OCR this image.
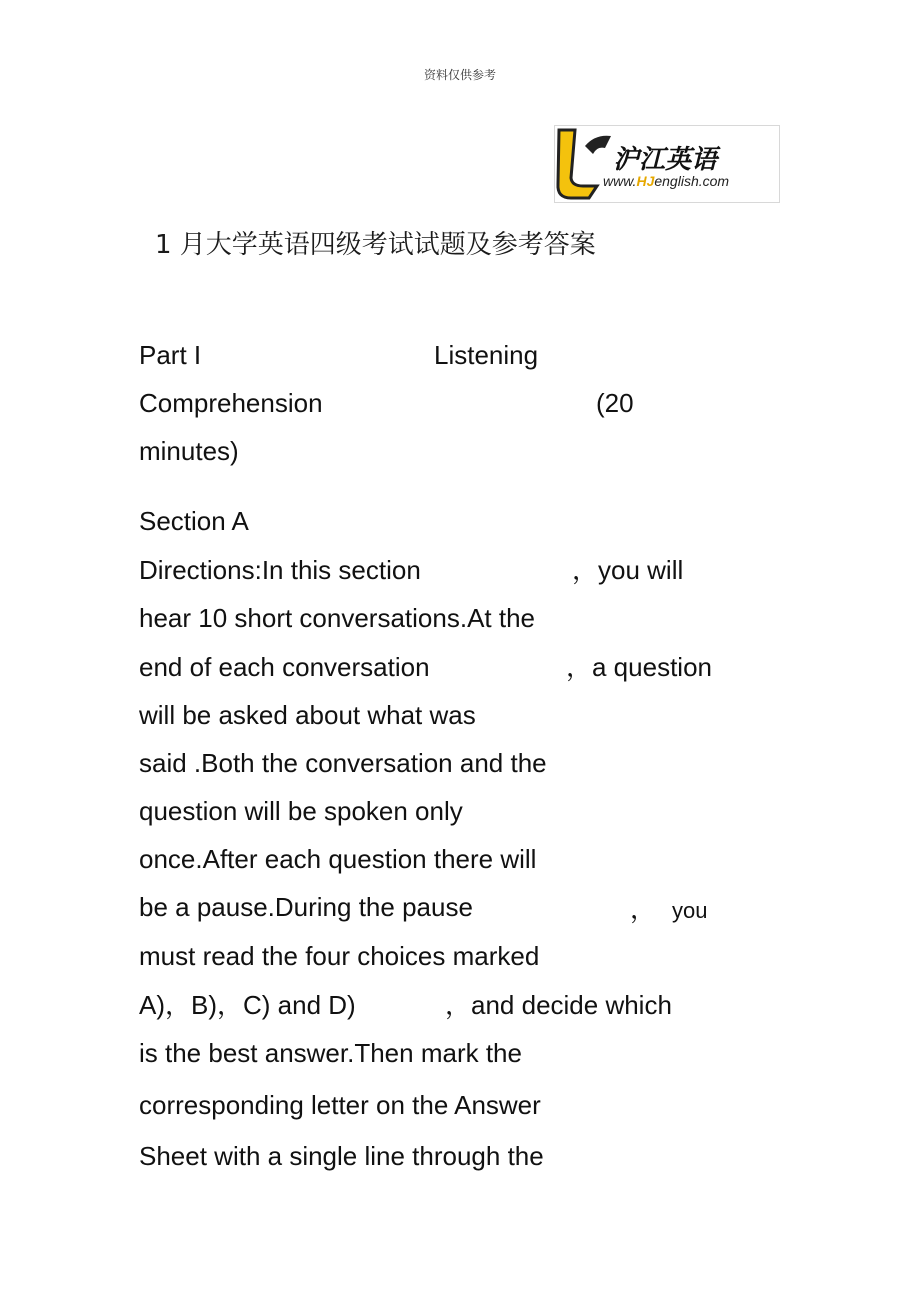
资料仅供参考
沪江英语
www.HJenglish.com
1 月大学英语四级考试试题及参考答案
Part I	Listening
Comprehension	(20
minutes)
Section A
Directions:In this section	，you will
hear 10 short conversations.At the
end of each conversation	，a question
will be asked about what was
said .Both the conversation and the
question will be spoken only
once.After each question there will
be a pause.During the pause	， you
must read the four choices marked
A)，B)，C) and D)	，and decide which
is the best answer.Then mark the
corresponding letter on the Answer
Sheet with a single line through the
